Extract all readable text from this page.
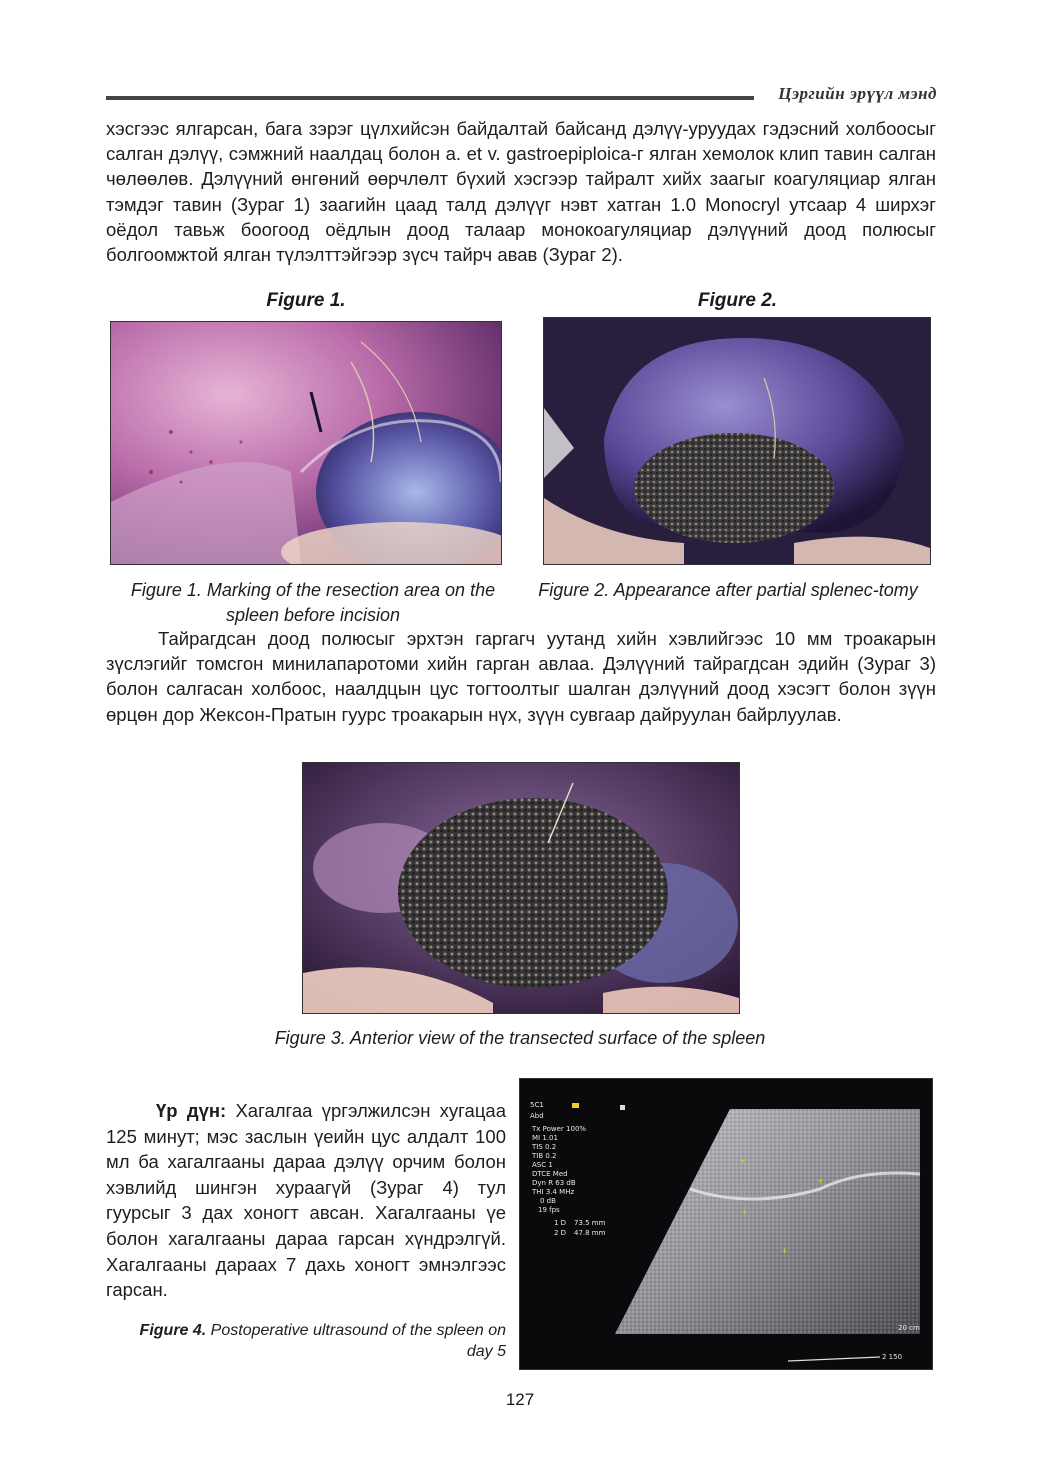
Цэргийн эрүүл мэнд

хэсгээс ялгарсан, бага зэрэг цүлхийсэн байдалтай байсанд дэлүү-уруудах гэдэсний холбоосыг салган дэлүү, сэмжний наалдац болон a. et v. gastroepiploica-г ялган хемолок клип тавин салган чөлөөлөв. Дэлүүний өнгөний өөрчлөлт бүхий хэсгээр тайралт хийх заагыг коагуляциар ялган тэмдэг тавин (Зураг 1) заагийн цаад талд дэлүүг нэвт хатган 1.0 Monocryl утсаар 4 ширхэг оёдол тавьж боогоод оёдлын доод талаар монокоагуляциар дэлүүний доод полюсыг болгоомжтой ялган түлэлттэйгээр зүсч тайрч авав (Зураг 2).

Figure 1.	Figure 2.
Figure 1. Marking of the resection area on the spleen before incision
Figure 2. Appearance after partial splenec-tomy

Тайрагдсан доод полюсыг эрхтэн гаргагч уутанд хийн хэвлийгээс 10 мм троакарын зүслэгийг томсгон минилапаротоми хийн гарган авлаа. Дэлүүний тайрагдсан эдийн (Зураг 3) болон салгасан холбоос, наалдцын цус тогтоолтыг шалган дэлүүний доод хэсэгт болон зүүн өрцөн дор Жексон-Пратын гуурс троакарын нүх, зүүн сувгаар дайруулан байрлуулав.

Figure 3. Anterior view of the transected surface of the spleen

Үр дүн: Хагалгаа үргэлжилсэн хугацаа 125 минут; мэс заслын үеийн цус алдалт 100 мл ба хагалгааны дараа дэлүү орчим болон хэвлийд шингэн хураагүй (Зураг 4) тул гуурсыг 3 дах хоногт авсан. Хагалгааны үе болон хагалгааны дараа гарсан хүндрэлгүй. Хагалгааны дараах 7 дахь хоногт эмнэлгээс гарсан.

+
+
+
+
5C1
Abd
Tx Power 100%
MI 1.01
TIS 0.2
TIB 0.2
ASC 1
DTCE Med
Dyn R 63 dB
THI 3.4 MHz
0 dB
19 fps
1 D 73.5 mm
2 D 47.8 mm
20 cm
2 150
Figure 4. Postoperative ultrasound of the spleen on day 5
127
